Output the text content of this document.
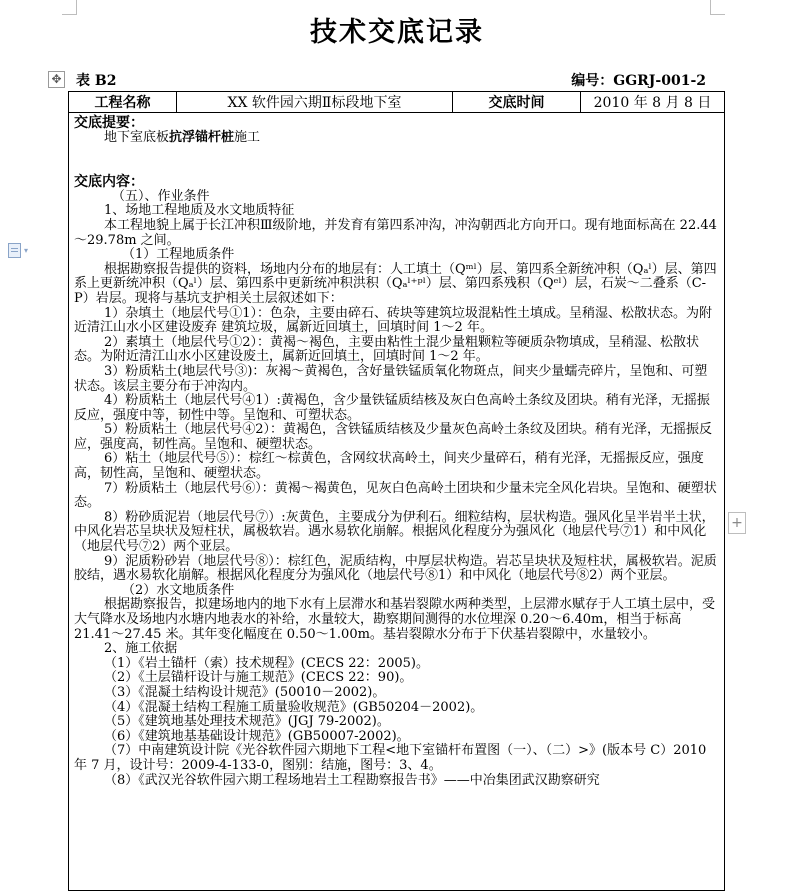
技术交底记录
✥ 表 B2	编号：GGRJ-001-2
▾
+
工程名称	XX 软件园六期Ⅱ标段地下室	交底时间	2010 年 8 月 8 日

交底提要：

地下室底板抗浮锚杆桩施工

交底内容：

（五）、作业条件

1、场地工程地质及水文地质特征

本工程地貌上属于长江冲积Ⅲ级阶地，并发育有第四系冲沟，冲沟朝西北方向开口。现有地面标高在 22.44～29.78m 之间。

（1）工程地质条件

根据勘察报告提供的资料，场地内分布的地层有：人工填土（Qᵐˡ）层、第四系全新统冲积（Qₐˡ）层、第四系上更新统冲积（Qₐˡ）层、第四系中更新统冲积洪积（Qₐˡ⁺ᵖˡ）层、第四系残积（Qᵉˡ）层，石炭～二叠系（C-P）岩层。现将与基坑支护相关土层叙述如下：

1）杂填土（地层代号①1）：色杂，主要由碎石、砖块等建筑垃圾混粘性土填成。呈稍湿、松散状态。为附近清江山水小区建设废弃 建筑垃圾，属新近回填土，回填时间 1～2 年。

2）素填土（地层代号①2）：黄褐～褐色，主要由粘性土混少量粗颗粒等硬质杂物填成，呈稍湿、松散状态。为附近清江山水小区建设废土，属新近回填土，回填时间 1～2 年。

3）粉质粘土(地层代号③)：灰褐～黄褐色，含好量铁锰质氧化物斑点，间夹少量蠕壳碎片，呈饱和、可塑状态。该层主要分布于冲沟内。

4）粉质粘土（地层代号④1）:黄褐色，含少量铁锰质结核及灰白色高岭土条纹及团块。稍有光泽，无摇振反应，强度中等，韧性中等。呈饱和、可塑状态。

5）粉质粘土（地层代号④2）：黄褐色，含铁锰质结核及少量灰色高岭土条纹及团块。稍有光泽，无摇振反应，强度高，韧性高。呈饱和、硬塑状态。

6）粘土（地层代号⑤）：棕红～棕黄色，含网纹状高岭土，间夹少量碎石，稍有光泽，无摇振反应，强度高，韧性高，呈饱和、硬塑状态。

7）粉质粘土（地层代号⑥）：黄褐～褐黄色，见灰白色高岭土团块和少量未完全风化岩块。呈饱和、硬塑状态。

8）粉砂质泥岩（地层代号⑦）:灰黄色，主要成分为伊利石。细粒结构，层状构造。强风化呈半岩半土状，中风化岩芯呈块状及短柱状，属极软岩。遇水易软化崩解。根据风化程度分为强风化（地层代号⑦1）和中风化（地层代号⑦2）两个亚层。

9）泥质粉砂岩（地层代号⑧）：棕红色，泥质结构，中厚层状构造。岩芯呈块状及短柱状，属极软岩。泥质胶结，遇水易软化崩解。根据风化程度分为强风化（地层代号⑧1）和中风化（地层代号⑧2）两个亚层。

（2）水文地质条件

根据勘察报告，拟建场地内的地下水有上层滞水和基岩裂隙水两种类型，上层滞水赋存于人工填土层中，受大气降水及场地内水塘内地表水的补给，水量较大，勘察期间测得的水位埋深 0.20～6.40m，相当于标高 21.41～27.45 米。其年变化幅度在 0.50～1.00m。基岩裂隙水分布于下伏基岩裂隙中，水量较小。

2、施工依据

（1）《岩土锚杆（索）技术规程》(CECS 22：2005)。

（2）《土层锚杆设计与施工规范》(CECS 22：90)。

（3）《混凝土结构设计规范》(50010－2002)。

（4）《混凝土结构工程施工质量验收规范》(GB50204－2002)。

（5）《建筑地基处理技术规范》(JGJ 79-2002)。

（6）《建筑地基基础设计规范》(GB50007-2002)。

（7）中南建筑设计院《光谷软件园六期地下工程<地下室锚杆布置图（一）、（二）>》(版本号 C）2010 年 7 月，设计号：2009-4-133-0，图别：结施，图号：3、4。

（8）《武汉光谷软件园六期工程场地岩土工程勘察报告书》——中冶集团武汉勘察研究
